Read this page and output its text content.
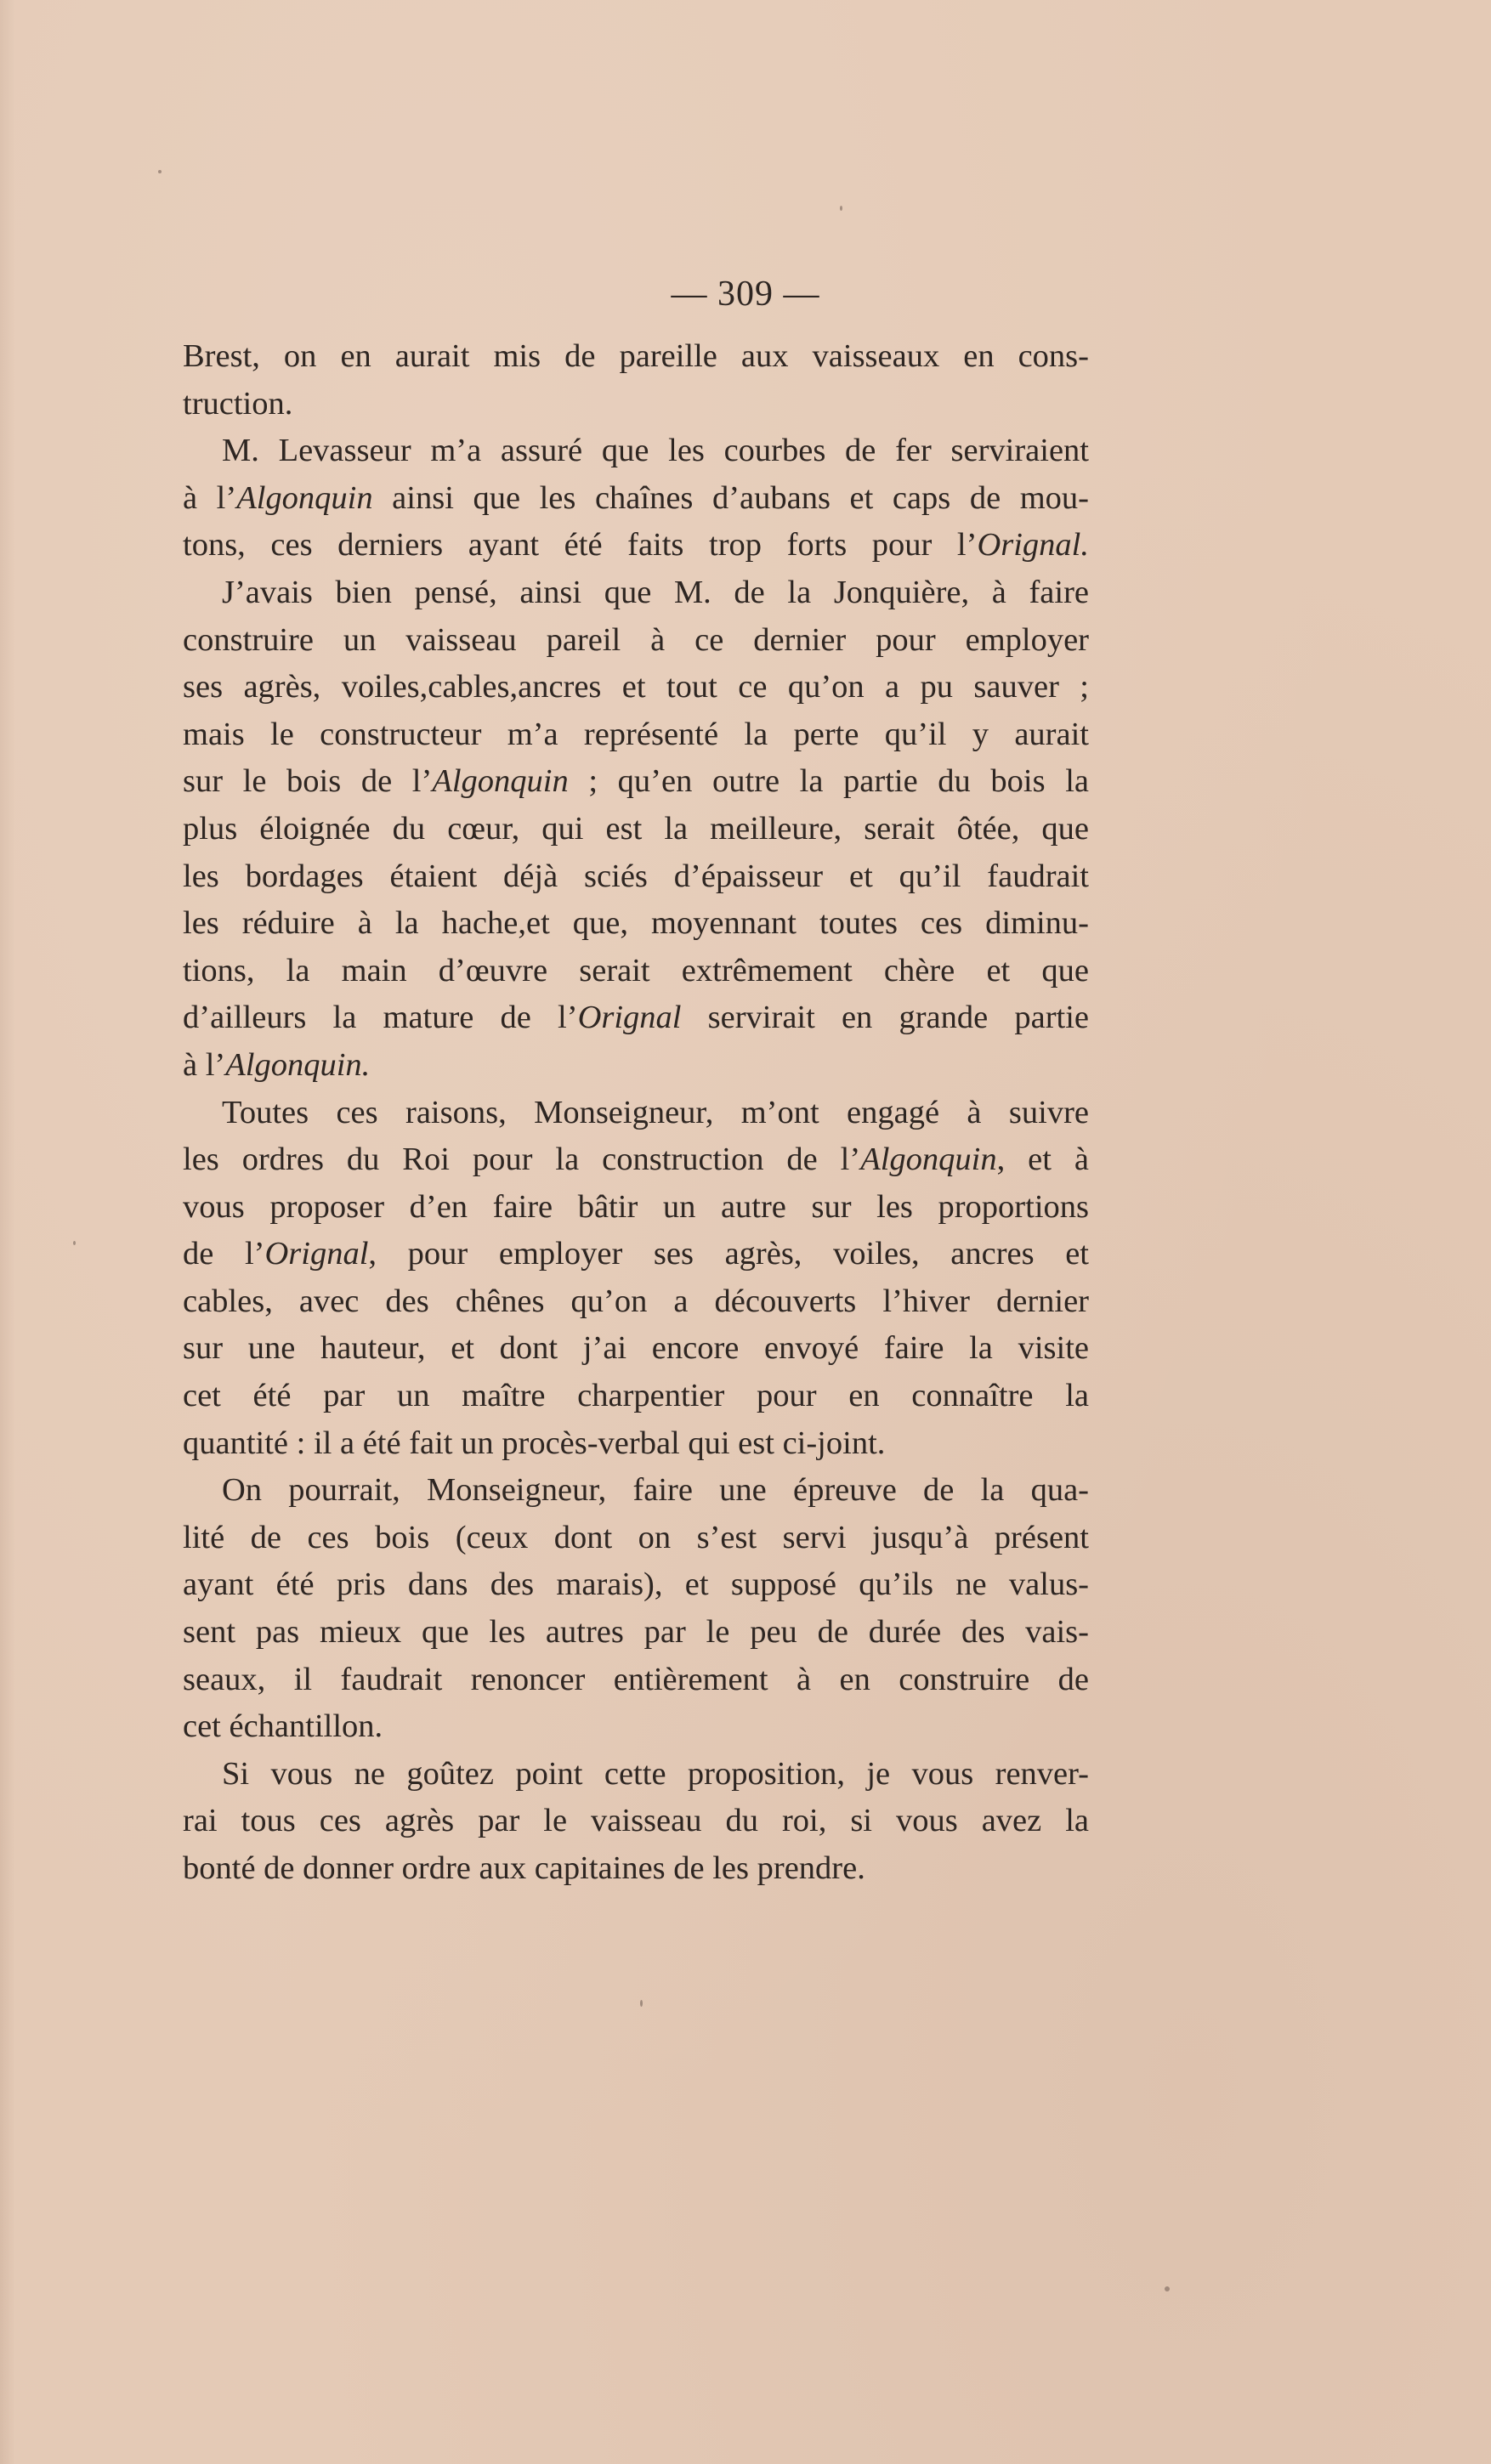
— 309 —
Brest, on en aurait mis de pareille aux vaisseaux en cons-
truction.
M. Levasseur m’a assuré que les courbes de fer serviraient
à l’Algonquin ainsi que les chaînes d’aubans et caps de mou-
tons, ces derniers ayant été faits trop forts pour l’Orignal.
J’avais bien pensé, ainsi que M. de la Jonquière, à faire
construire un vaisseau pareil à ce dernier pour employer
ses agrès, voiles,cables,ancres et tout ce qu’on a pu sauver ;
mais le constructeur m’a représenté la perte qu’il y aurait
sur le bois de l’Algonquin ; qu’en outre la partie du bois la
plus éloignée du cœur, qui est la meilleure, serait ôtée, que
les bordages étaient déjà sciés d’épaisseur et qu’il faudrait
les réduire à la hache,et que, moyennant toutes ces diminu-
tions, la main d’œuvre serait extrêmement chère et que
d’ailleurs la mature de l’Orignal servirait en grande partie
à l’Algonquin.
Toutes ces raisons, Monseigneur, m’ont engagé à suivre
les ordres du Roi pour la construction de l’Algonquin, et à
vous proposer d’en faire bâtir un autre sur les proportions
de l’Orignal, pour employer ses agrès, voiles, ancres et
cables, avec des chênes qu’on a découverts l’hiver dernier
sur une hauteur, et dont j’ai encore envoyé faire la visite
cet été par un maître charpentier pour en connaître la
quantité : il a été fait un procès-verbal qui est ci-joint.
On pourrait, Monseigneur, faire une épreuve de la qua-
lité de ces bois (ceux dont on s’est servi jusqu’à présent
ayant été pris dans des marais), et supposé qu’ils ne valus-
sent pas mieux que les autres par le peu de durée des vais-
seaux, il faudrait renoncer entièrement à en construire de
cet échantillon.
Si vous ne goûtez point cette proposition, je vous renver-
rai tous ces agrès par le vaisseau du roi, si vous avez la
bonté de donner ordre aux capitaines de les prendre.
